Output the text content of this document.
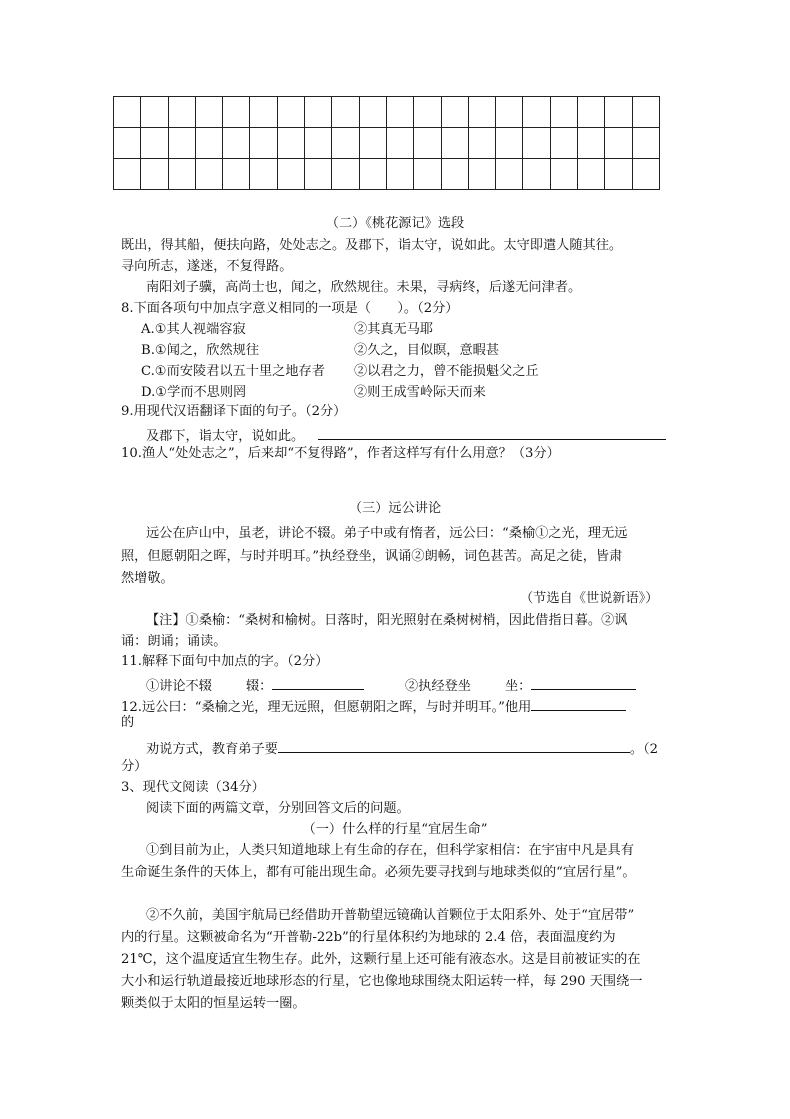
（二）《桃花源记》选段
既出，得其船，便扶向路，处处志之。及郡下，诣太守，说如此。太守即遣人随其往。
寻向所志，遂迷，不复得路。
南阳刘子骥，高尚士也，闻之，欣然规往。未果，寻病终，后遂无问津者。
8.下面各项句中加点字意义相同的一项是（　　）。（2分）
A.①其人视端容寂	②其真无马耶
B.①闻之，欣然规往	②久之，目似瞑，意暇甚
C.①而安陵君以五十里之地存者 ②以君之力，曾不能损魁父之丘
D.①学而不思则罔	②则王成雪岭际天而来
9.用现代汉语翻译下面的句子。（2分）
及郡下，诣太守，说如此。
10.渔人“处处志之”，后来却“不复得路”，作者这样写有什么用意？（3分）
（三）远公讲论
远公在庐山中，虽老，讲论不辍。弟子中或有惰者，远公曰：“桑榆①之光，理无远
照，但愿朝阳之晖，与时并明耳。”执经登坐，讽诵②朗畅，词色甚苦。高足之徒，皆肃
然增敬。
（节选自《世说新语》）
【注】①桑榆：“桑树和榆树。日落时，阳光照射在桑树树梢，因此借指日暮。②讽
诵：朗诵；诵读。
11.解释下面句中加点的字。（2分）
①讲论不辍	辍：	②执经登坐	坐：
12.远公曰：“桑榆之光，理无远照，但愿朝阳之晖，与时并明耳。”他用
的
劝说方式，教育弟子要	。（2
分）
3、现代文阅读（34分）
阅读下面的两篇文章，分别回答文后的问题。
（一）什么样的行星“宜居生命”
①到目前为止，人类只知道地球上有生命的存在，但科学家相信：在宇宙中凡是具有
生命诞生条件的天体上，都有可能出现生命。必须先要寻找到与地球类似的“宜居行星”。
②不久前，美国宇航局已经借助开普勒望远镜确认首颗位于太阳系外、处于“宜居带”
内的行星。这颗被命名为“开普勒-22b”的行星体积约为地球的 2.4 倍，表面温度约为
21℃，这个温度适宜生物生存。此外，这颗行星上还可能有液态水。这是目前被证实的在
大小和运行轨道最接近地球形态的行星，它也像地球围绕太阳运转一样，每 290 天围绕一
颗类似于太阳的恒星运转一圈。
